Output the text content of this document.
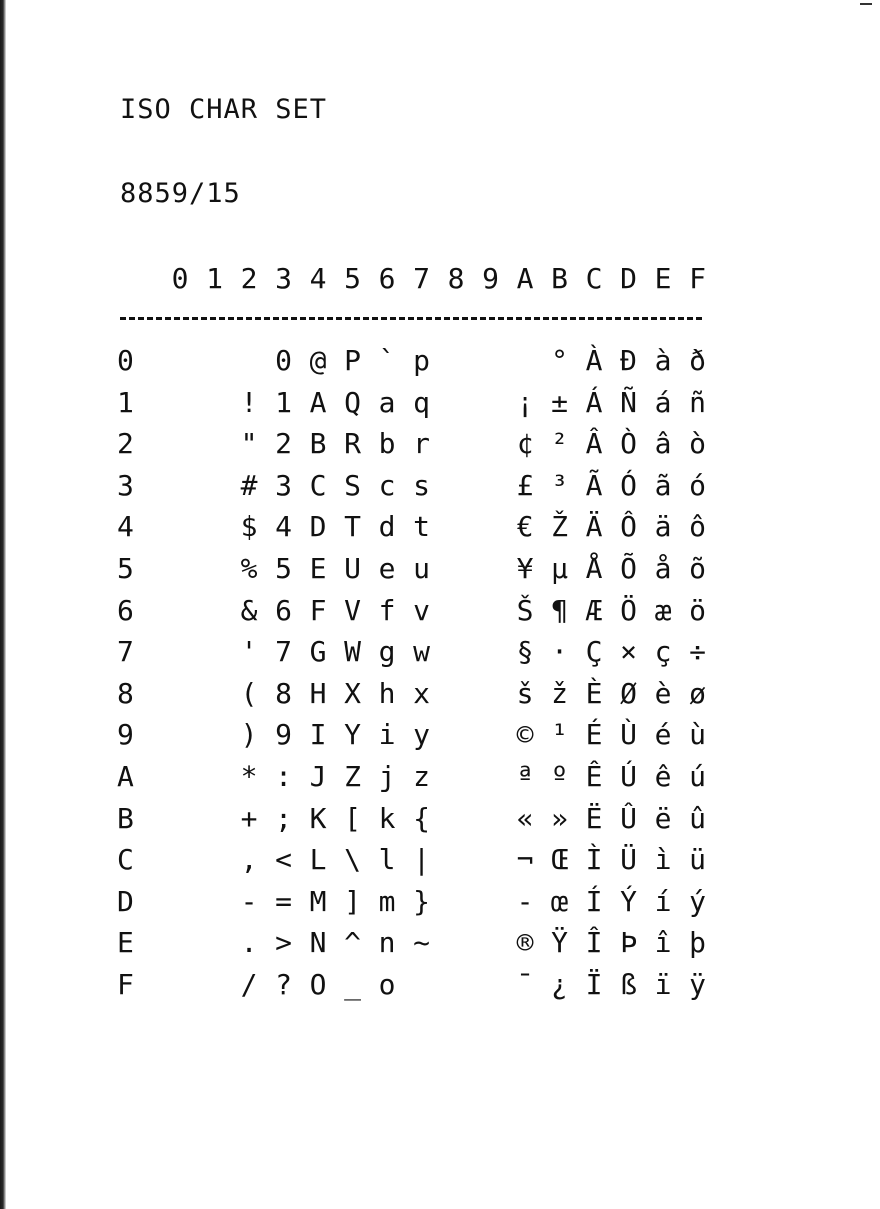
ISO CHAR SET
8859/15
0 1 2 3 4 5 6 7 8 9 A B C D E F
0
1
2
3
4
5
6
7
8
9
A
B
C
D
E
F

!
"
#
$
%
&
'
(
)
*
+
,
-
.
/
0
1
2
3
4
5
6
7
8
9
:
;
<
=
>
?
@
A
B
C
D
E
F
G
H
I
J
K
L
M
N
O
P
Q
R
S
T
U
V
W
X
Y
Z
[
\
]
^
_
`
a
b
c
d
e
f
g
h
i
j
k
l
m
n
o
p
q
r
s
t
u
v
w
x
y
z
{
|
}
~

¡
¢
£
€
¥
Š
§
š
©
ª
«
¬
-
®
¯
°
±
²
³
Ž
µ
¶
·
ž
¹
º
»
Œ
œ
Ÿ
¿
À
Á
Â
Ã
Ä
Å
Æ
Ç
È
É
Ê
Ë
Ì
Í
Î
Ï
Ð
Ñ
Ò
Ó
Ô
Õ
Ö
×
Ø
Ù
Ú
Û
Ü
Ý
Þ
ß
à
á
â
ã
ä
å
æ
ç
è
é
ê
ë
ì
í
î
ï
ð
ñ
ò
ó
ô
õ
ö
÷
ø
ù
ú
û
ü
ý
þ
ÿ
